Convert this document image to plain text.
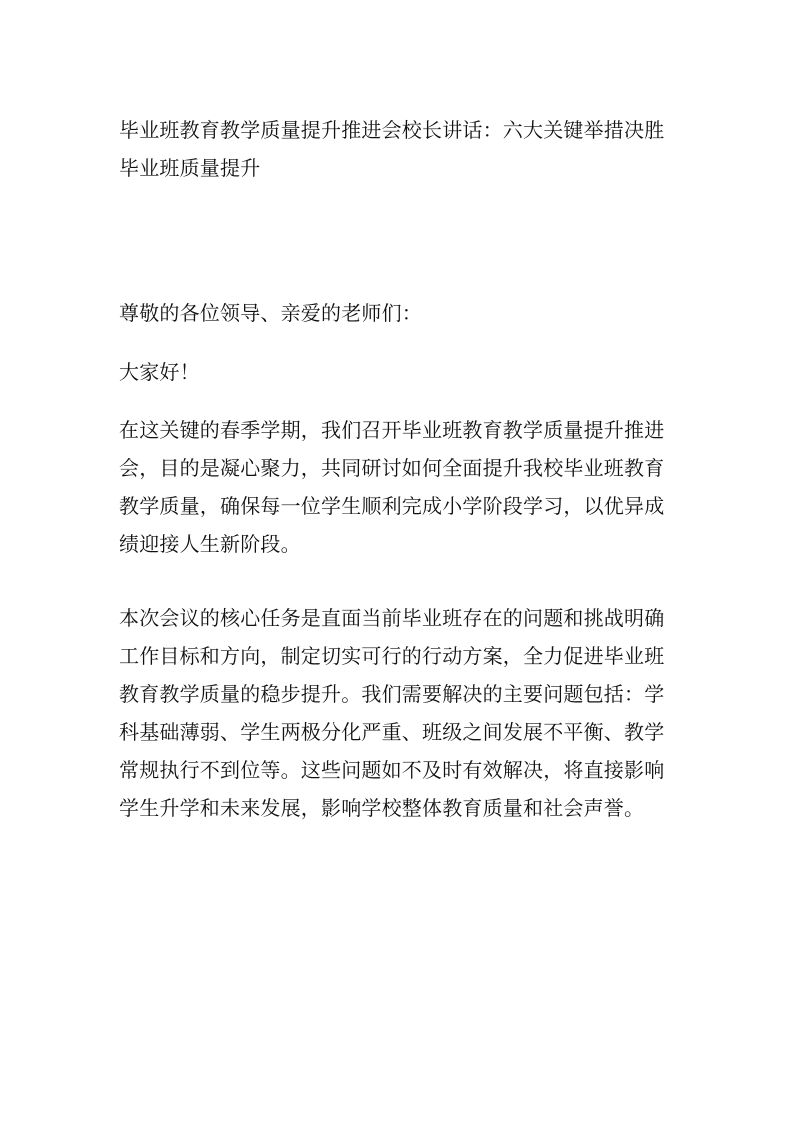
毕业班教育教学质量提升推进会校长讲话：六大关键举措决胜毕业班质量提升

尊敬的各位领导、亲爱的老师们：

大家好！

在这关键的春季学期，我们召开毕业班教育教学质量提升推进会，目的是凝心聚力，共同研讨如何全面提升我校毕业班教育教学质量，确保每一位学生顺利完成小学阶段学习，以优异成绩迎接人生新阶段。

本次会议的核心任务是直面当前毕业班存在的问题和挑战明确工作目标和方向，制定切实可行的行动方案，全力促进毕业班教育教学质量的稳步提升。我们需要解决的主要问题包括：学科基础薄弱、学生两极分化严重、班级之间发展不平衡、教学常规执行不到位等。这些问题如不及时有效解决，将直接影响学生升学和未来发展，影响学校整体教育质量和社会声誉。
